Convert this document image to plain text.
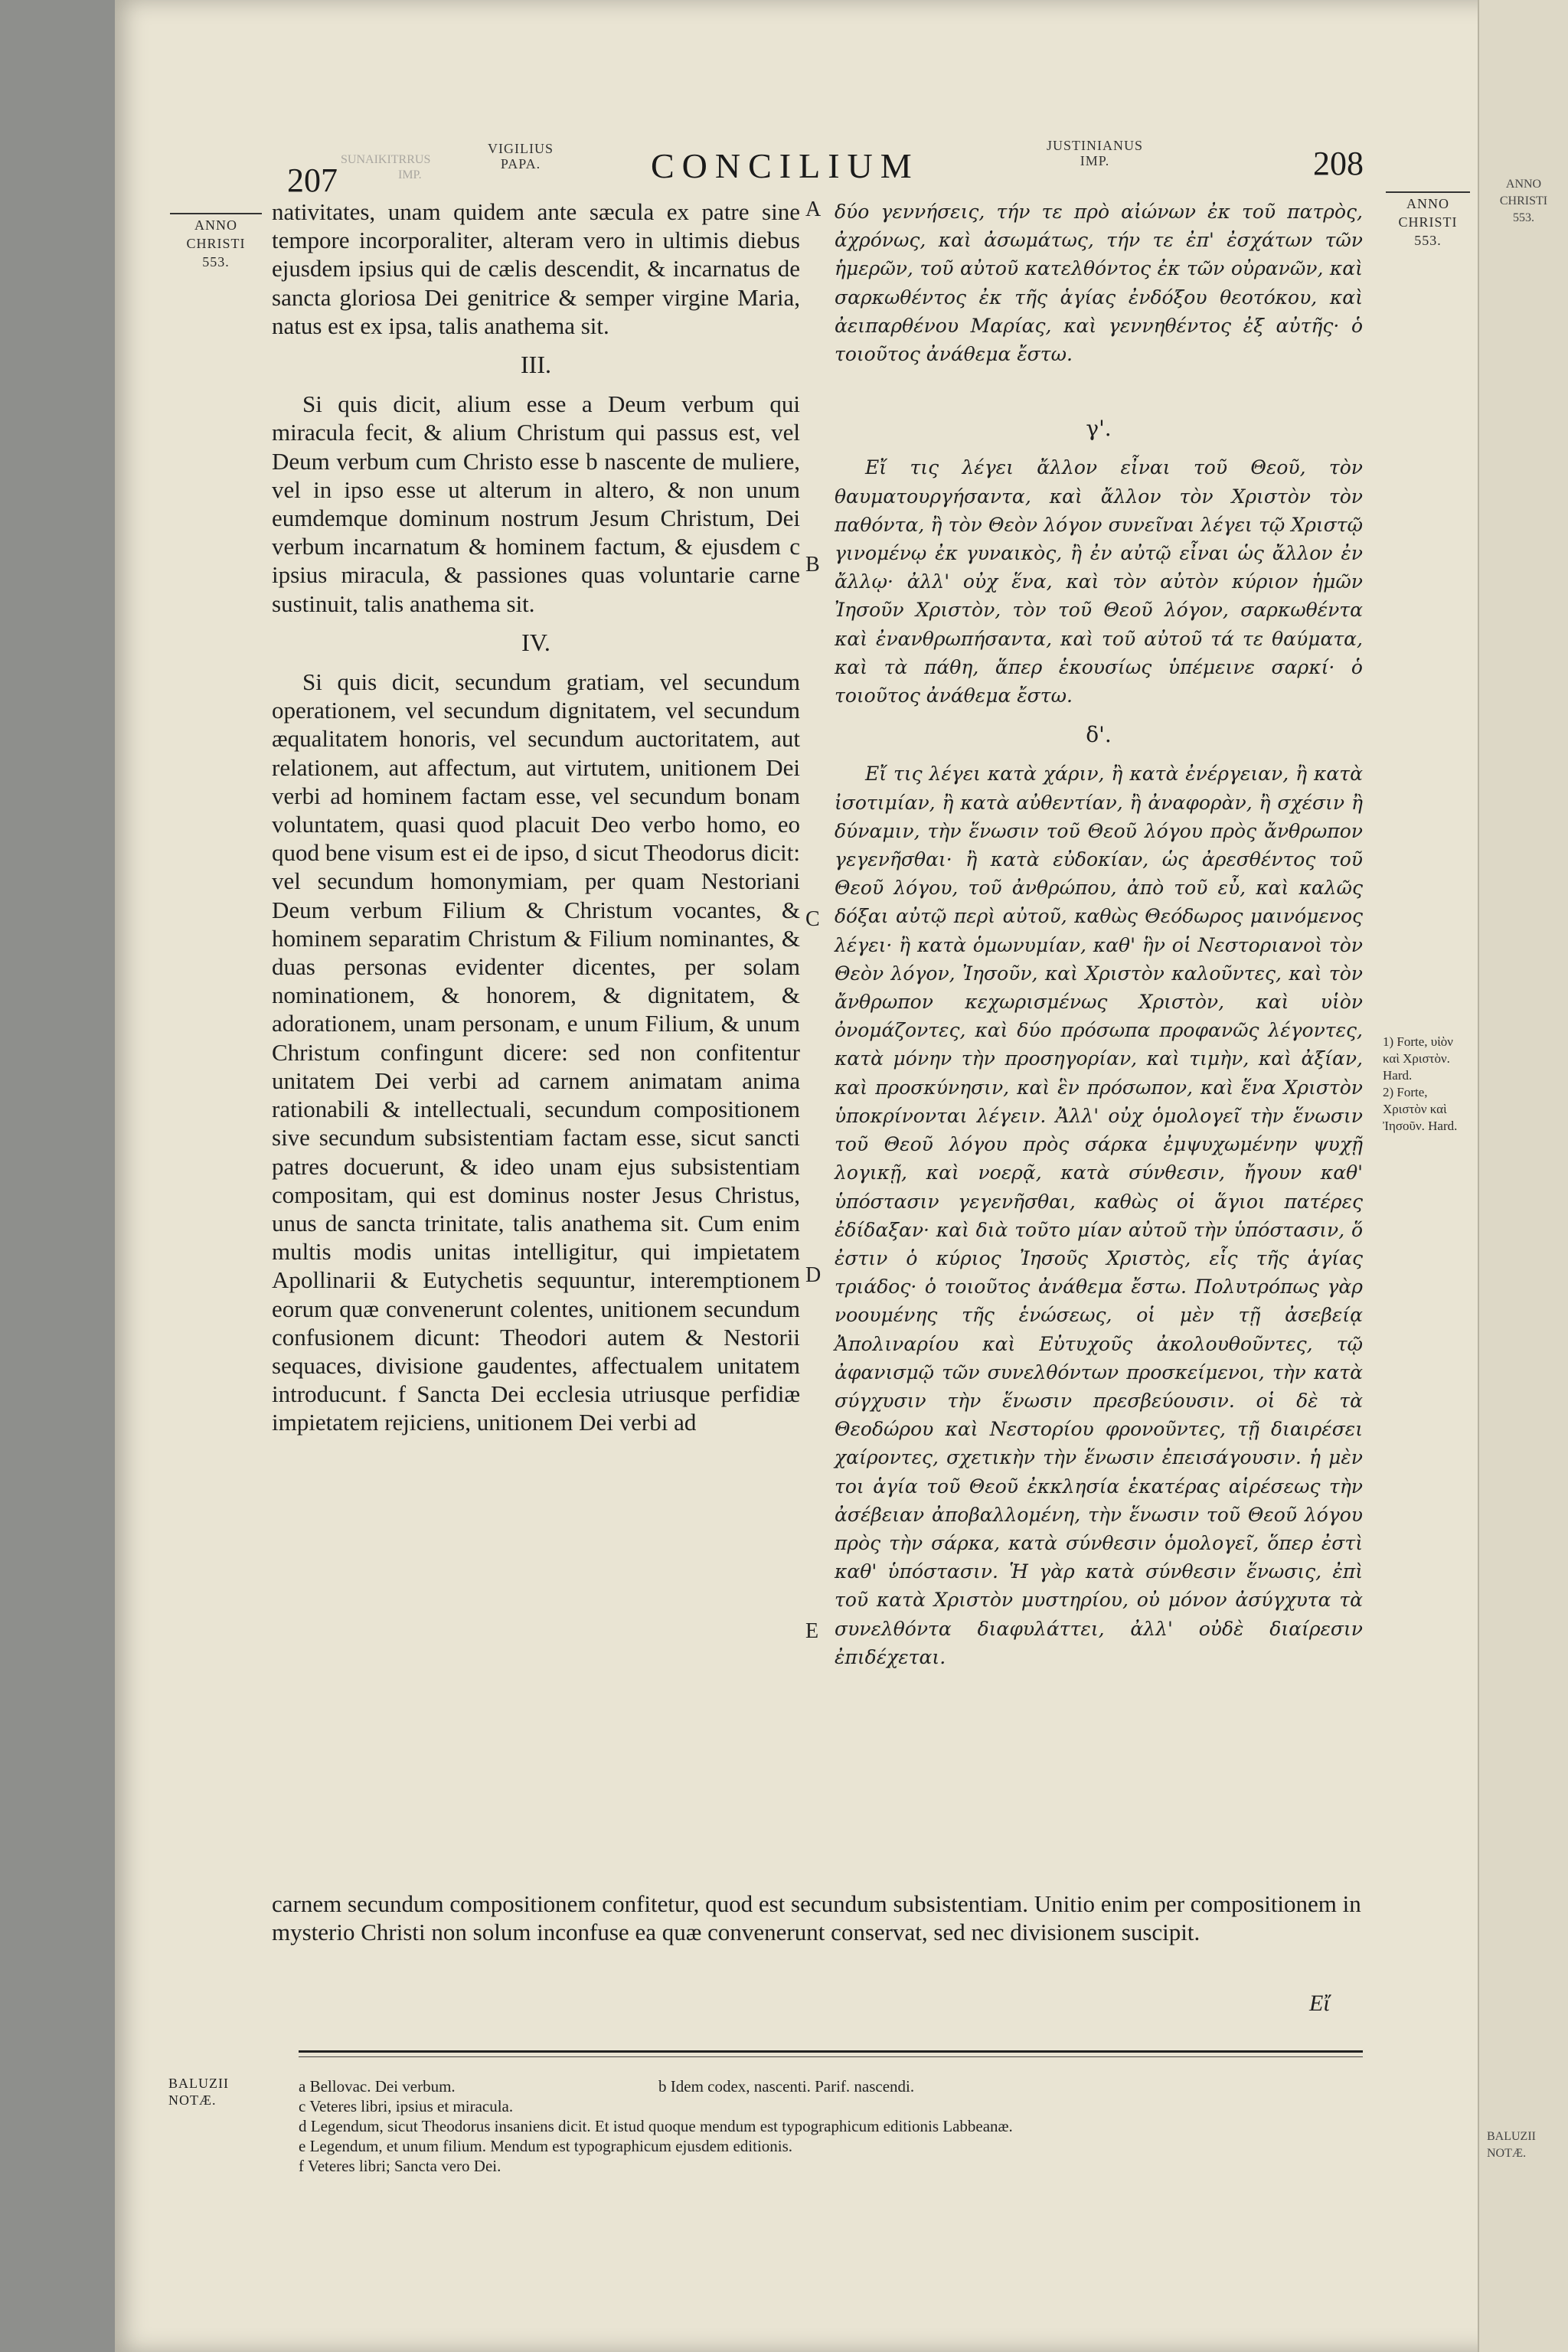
ANNO
CHRISTI
553.
BALUZII
NOTÆ.
207
SUNAIKITRRUS
IMP.
VIGILIUS
PAPA.	CONCILIUM
JUSTINIANUS
IMP.	208
ANNO
CHRISTI
553.
ANNO
CHRISTI
553.
A
B
C
D
E

nativitates, unam quidem ante sæcula ex patre sine tempore incorporaliter, alteram vero in ultimis diebus ejusdem ipsius qui de cælis descendit, & incarnatus de sancta gloriosa Dei genitrice & semper virgine Maria, natus est ex ipsa, talis anathema sit.

III.

Si quis dicit, alium esse a Deum verbum qui miracula fecit, & alium Christum qui passus est, vel Deum verbum cum Christo esse b nascente de muliere, vel in ipso esse ut alterum in altero, & non unum eumdemque dominum nostrum Jesum Christum, Dei verbum incarnatum & hominem factum, & ejusdem c ipsius miracula, & passiones quas voluntarie carne sustinuit, talis anathema sit.

IV.

Si quis dicit, secundum gratiam, vel secundum operationem, vel secundum dignitatem, vel secundum æqualitatem honoris, vel secundum auctoritatem, aut relationem, aut affectum, aut virtutem, unitionem Dei verbi ad hominem factam esse, vel secundum bonam voluntatem, quasi quod placuit Deo verbo homo, eo quod bene visum est ei de ipso, d sicut Theodorus dicit: vel secundum homonymiam, per quam Nestoriani Deum verbum Filium & Christum vocantes, & hominem separatim Christum & Filium nominantes, & duas personas evidenter dicentes, per solam nominationem, & honorem, & dignitatem, & adorationem, unam personam, e unum Filium, & unum Christum confingunt dicere: sed non confitentur unitatem Dei verbi ad carnem animatam anima rationabili & intellectuali, secundum compositionem sive secundum subsistentiam factam esse, sicut sancti patres docuerunt, & ideo unam ejus subsistentiam compositam, qui est dominus noster Jesus Christus, unus de sancta trinitate, talis anathema sit. Cum enim multis modis unitas intelligitur, qui impietatem Apollinarii & Eutychetis sequuntur, interemptionem eorum quæ convenerunt colentes, unitionem secundum confusionem dicunt: Theodori autem & Nestorii sequaces, divisione gaudentes, affectualem unitatem introducunt. f Sancta Dei ecclesia utriusque perfidiæ impietatem rejiciens, unitionem Dei verbi ad

δύο γεννήσεις, τήν τε πρὸ αἰώνων ἐκ τοῦ πατρὸς, ἀχρόνως, καὶ ἀσωμάτως, τήν τε ἐπ' ἐσχάτων τῶν ἡμερῶν, τοῦ αὐτοῦ κατελθόντος ἐκ τῶν οὐρανῶν, καὶ σαρκωθέντος ἐκ τῆς ἁγίας ἐνδόξου θεοτόκου, καὶ ἀειπαρθένου Μαρίας, καὶ γεννηθέντος ἐξ αὐτῆς· ὁ τοιοῦτος ἀνάθεμα ἔστω.

γ'.

Εἴ τις λέγει ἄλλον εἶναι τοῦ Θεοῦ, τὸν θαυματουργήσαντα, καὶ ἄλλον τὸν Χριστὸν τὸν παθόντα, ἢ τὸν Θεὸν λόγον συνεῖναι λέγει τῷ Χριστῷ γινομένῳ ἐκ γυναικὸς, ἢ ἐν αὐτῷ εἶναι ὡς ἄλλον ἐν ἄλλῳ· ἀλλ' οὐχ ἕνα, καὶ τὸν αὐτὸν κύριον ἡμῶν Ἰησοῦν Χριστὸν, τὸν τοῦ Θεοῦ λόγον, σαρκωθέντα καὶ ἐνανθρωπήσαντα, καὶ τοῦ αὐτοῦ τά τε θαύματα, καὶ τὰ πάθη, ἅπερ ἑκουσίως ὑπέμεινε σαρκί· ὁ τοιοῦτος ἀνάθεμα ἔστω.

δ'.

Εἴ τις λέγει κατὰ χάριν, ἢ κατὰ ἐνέργειαν, ἢ κατὰ ἰσοτιμίαν, ἢ κατὰ αὐθεντίαν, ἢ ἀναφορὰν, ἢ σχέσιν ἢ δύναμιν, τὴν ἕνωσιν τοῦ Θεοῦ λόγου πρὸς ἄνθρωπον γεγενῆσθαι· ἢ κατὰ εὐδοκίαν, ὡς ἀρεσθέντος τοῦ Θεοῦ λόγου, τοῦ ἀνθρώπου, ἀπὸ τοῦ εὖ, καὶ καλῶς δόξαι αὐτῷ περὶ αὐτοῦ, καθὼς Θεόδωρος μαινόμενος λέγει· ἢ κατὰ ὁμωνυμίαν, καθ' ἣν οἱ Νεστοριανοὶ τὸν Θεὸν λόγον, Ἰησοῦν, καὶ Χριστὸν καλοῦντες, καὶ τὸν ἄνθρωπον κεχωρισμένως Χριστὸν, καὶ υἱὸν ὀνομάζοντες, καὶ δύο πρόσωπα προφανῶς λέγοντες, κατὰ μόνην τὴν προσηγορίαν, καὶ τιμὴν, καὶ ἀξίαν, καὶ προσκύνησιν, καὶ ἓν πρόσωπον, καὶ ἕνα Χριστὸν ὑποκρίνονται λέγειν. Ἀλλ' οὐχ ὁμολογεῖ τὴν ἕνωσιν τοῦ Θεοῦ λόγου πρὸς σάρκα ἐμψυχωμένην ψυχῇ λογικῇ, καὶ νοερᾷ, κατὰ σύνθεσιν, ἤγουν καθ' ὑπόστασιν γεγενῆσθαι, καθὼς οἱ ἅγιοι πατέρες ἐδίδαξαν· καὶ διὰ τοῦτο μίαν αὐτοῦ τὴν ὑπόστασιν, ὅ ἐστιν ὁ κύριος Ἰησοῦς Χριστὸς, εἷς τῆς ἁγίας τριάδος· ὁ τοιοῦτος ἀνάθεμα ἔστω. Πολυτρόπως γὰρ νοουμένης τῆς ἑνώσεως, οἱ μὲν τῇ ἀσεβείᾳ Ἀπολιναρίου καὶ Εὐτυχοῦς ἀκολουθοῦντες, τῷ ἀφανισμῷ τῶν συνελθόντων προσκείμενοι, τὴν κατὰ σύγχυσιν τὴν ἕνωσιν πρεσβεύουσιν. οἱ δὲ τὰ Θεοδώρου καὶ Νεστορίου φρονοῦντες, τῇ διαιρέσει χαίροντες, σχετικὴν τὴν ἕνωσιν ἐπεισάγουσιν. ἡ μὲν τοι ἁγία τοῦ Θεοῦ ἐκκλησία ἑκατέρας αἱρέσεως τὴν ἀσέβειαν ἀποβαλλομένη, τὴν ἕνωσιν τοῦ Θεοῦ λόγου πρὸς τὴν σάρκα, κατὰ σύνθεσιν ὁμολογεῖ, ὅπερ ἐστὶ καθ' ὑπόστασιν. Ἡ γὰρ κατὰ σύνθεσιν ἕνωσις, ἐπὶ τοῦ κατὰ Χριστὸν μυστηρίου, οὐ μόνον ἀσύγχυτα τὰ συνελθόντα διαφυλάττει, ἀλλ' οὐδὲ διαίρεσιν ἐπιδέχεται.

1) Forte, υἱὸν καὶ Χριστὸν. Hard.
2) Forte, Χριστὸν καὶ Ἰησοῦν. Hard.
carnem secundum compositionem confitetur, quod est secundum subsistentiam. Unitio enim per compositionem in mysterio Christi non solum inconfuse ea quæ convenerunt conservat, sed nec divisionem suscipit.
Εἴ
BALUZII
NOTÆ.
a Bellovac. Dei verbum.	b Idem codex, nascenti. Parif. nascendi.
c Veteres libri, ipsius et miracula.
d Legendum, sicut Theodorus insaniens dicit. Et istud quoque mendum est typographicum editionis Labbeanæ.
e Legendum, et unum filium. Mendum est typographicum ejusdem editionis.
f Veteres libri; Sancta vero Dei.
